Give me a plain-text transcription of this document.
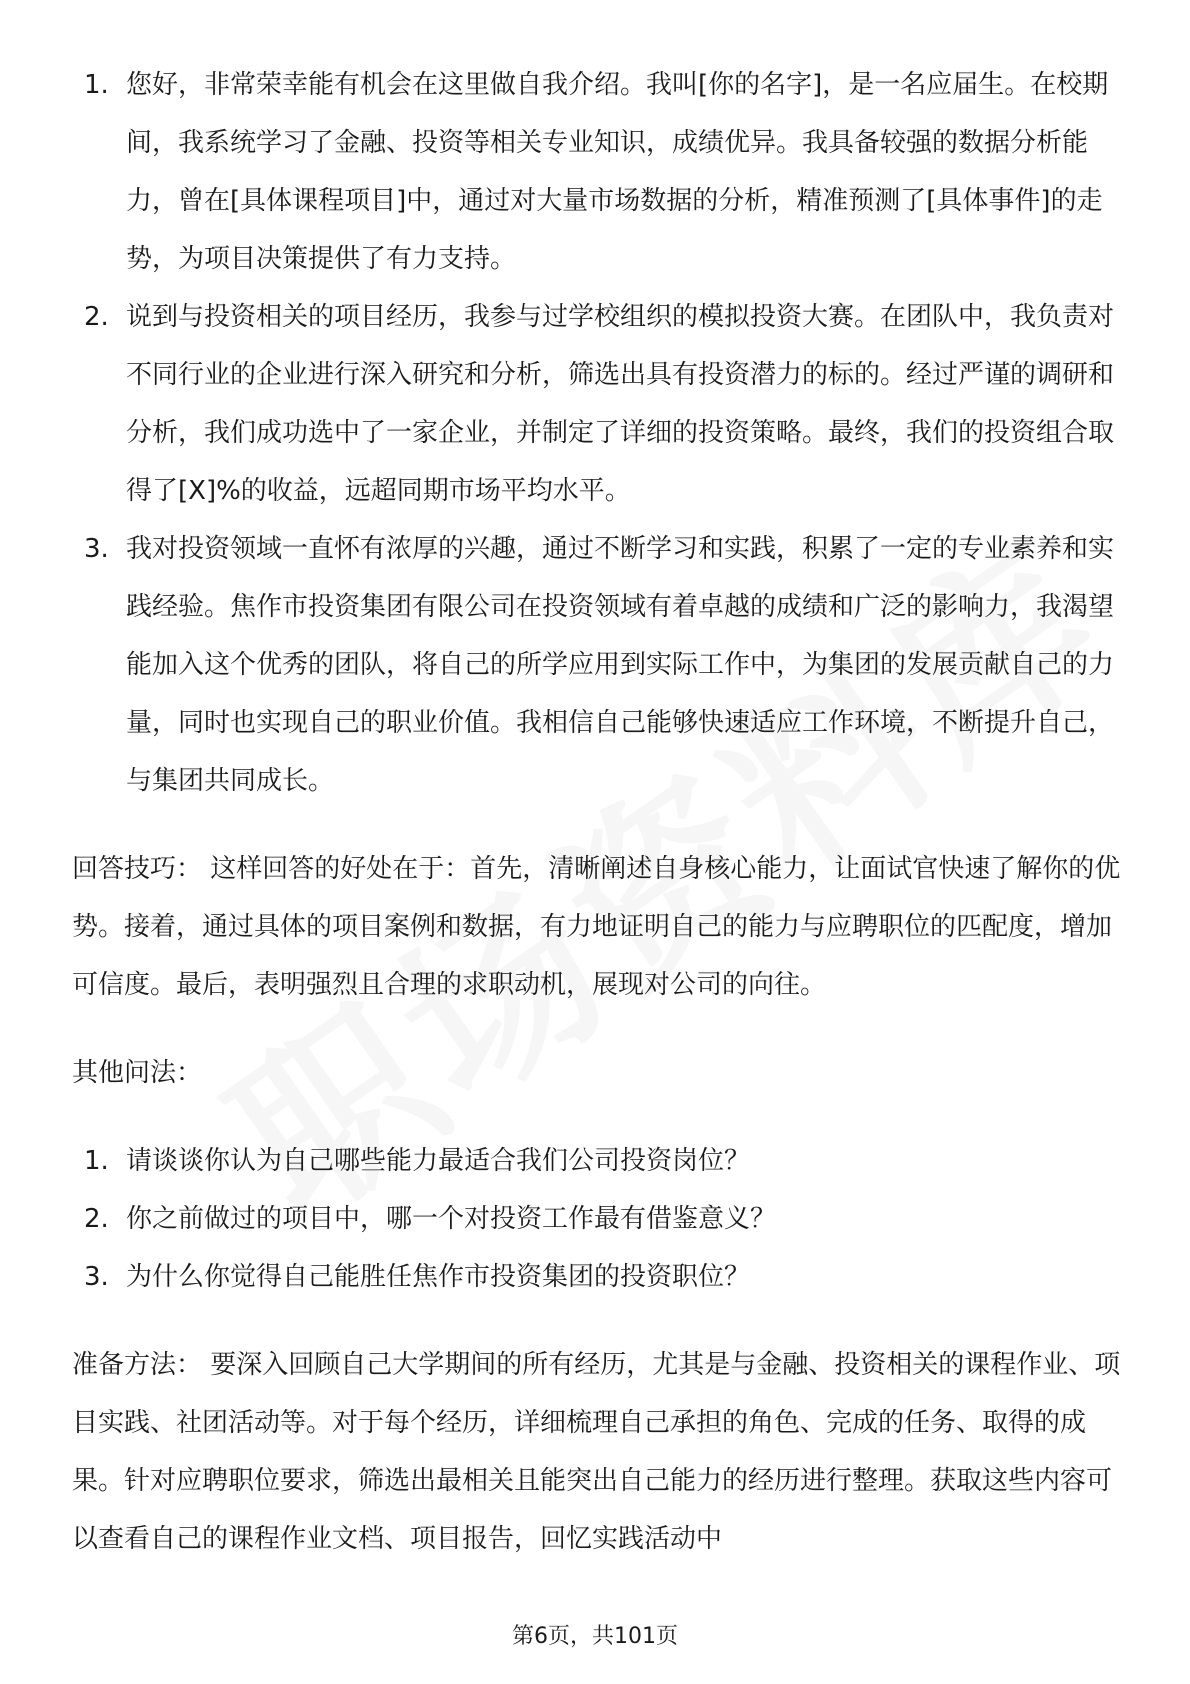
1. 您好，非常荣幸能有机会在这里做自我介绍。我叫[你的名字]，是一名应届生。在校期间，我系统学习了金融、投资等相关专业知识，成绩优异。我具备较强的数据分析能力，曾在[具体课程项目]中，通过对大量市场数据的分析，精准预测了[具体事件]的走势，为项目决策提供了有力支持。
2. 说到与投资相关的项目经历，我参与过学校组织的模拟投资大赛。在团队中，我负责对不同行业的企业进行深入研究和分析，筛选出具有投资潜力的标的。经过严谨的调研和分析，我们成功选中了一家企业，并制定了详细的投资策略。最终，我们的投资组合取得了[X]%的收益，远超同期市场平均水平。
3. 我对投资领域一直怀有浓厚的兴趣，通过不断学习和实践，积累了一定的专业素养和实践经验。焦作市投资集团有限公司在投资领域有着卓越的成绩和广泛的影响力，我渴望能加入这个优秀的团队，将自己的所学应用到实际工作中，为集团的发展贡献自己的力量，同时也实现自己的职业价值。我相信自己能够快速适应工作环境，不断提升自己，与集团共同成长。

回答技巧： 这样回答的好处在于：首先，清晰阐述自身核心能力，让面试官快速了解你的优势。接着，通过具体的项目案例和数据，有力地证明自己的能力与应聘职位的匹配度，增加可信度。最后，表明强烈且合理的求职动机，展现对公司的向往。

其他问法：

1. 请谈谈你认为自己哪些能力最适合我们公司投资岗位？
2. 你之前做过的项目中，哪一个对投资工作最有借鉴意义？
3. 为什么你觉得自己能胜任焦作市投资集团的投资职位？

准备方法： 要深入回顾自己大学期间的所有经历，尤其是与金融、投资相关的课程作业、项目实践、社团活动等。对于每个经历，详细梳理自己承担的角色、完成的任务、取得的成果。针对应聘职位要求，筛选出最相关且能突出自己能力的经历进行整理。获取这些内容可以查看自己的课程作业文档、项目报告，回忆实践活动中

第6页，共101页
